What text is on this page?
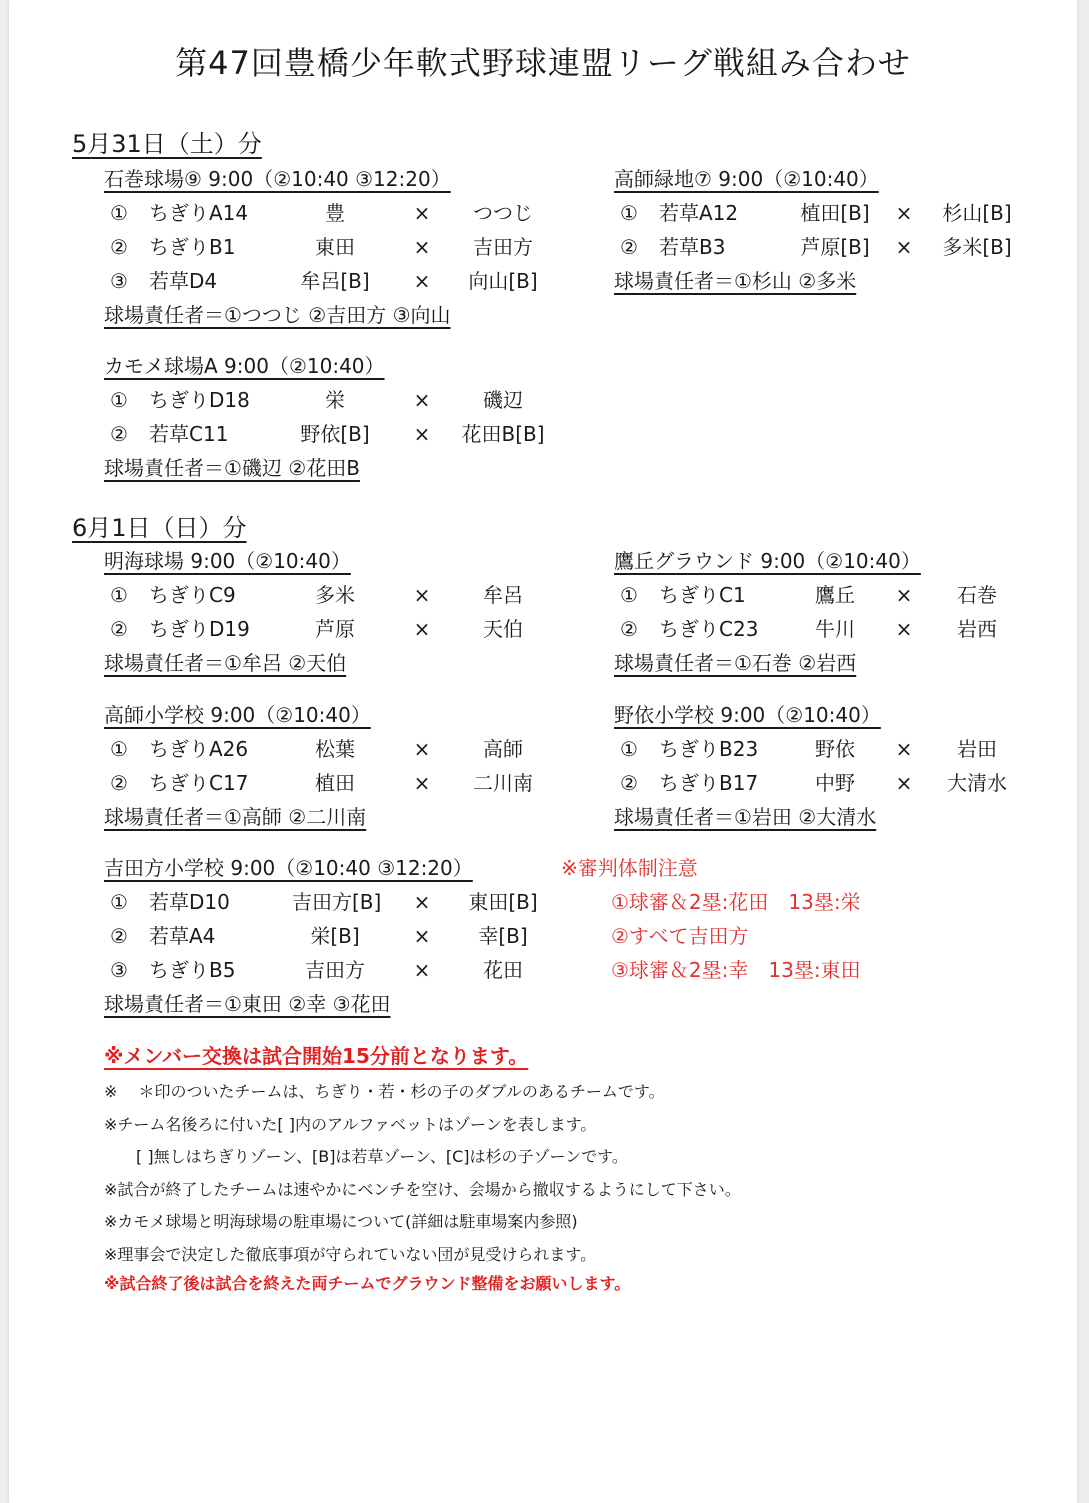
第47回豊橋少年軟式野球連盟リーグ戦組み合わせ
5月31日（土）分
石巻球場⑨ 9:00（②10:40 ③12:20）
① ちぎりA14	豊	×	つつじ
② ちぎりB1	東田	×	吉田方
③ 若草D4	牟呂[B]	×	向山[B]
球場責任者＝①つつじ ②吉田方 ③向山
高師緑地⑦ 9:00（②10:40）
① 若草A12	植田[B]	×	杉山[B]
② 若草B3	芦原[B]	×	多米[B]
球場責任者＝①杉山 ②多米
カモメ球場A 9:00（②10:40）
① ちぎりD18	栄	×	磯辺
② 若草C11	野依[B]	×	花田B[B]
球場責任者＝①磯辺 ②花田B
6月1日（日）分
明海球場 9:00（②10:40）
① ちぎりC9	多米	×	牟呂
② ちぎりD19	芦原	×	天伯
球場責任者＝①牟呂 ②天伯
鷹丘グラウンド 9:00（②10:40）
① ちぎりC1	鷹丘	×	石巻
② ちぎりC23	牛川	×	岩西
球場責任者＝①石巻 ②岩西
高師小学校 9:00（②10:40）
① ちぎりA26	松葉	×	高師
② ちぎりC17	植田	×	二川南
球場責任者＝①高師 ②二川南
野依小学校 9:00（②10:40）
① ちぎりB23	野依	×	岩田
② ちぎりB17	中野	×	大清水
球場責任者＝①岩田 ②大清水
吉田方小学校 9:00（②10:40 ③12:20）
① 若草D10	吉田方[B]	×	東田[B]
② 若草A4	栄[B]	×	幸[B]
③ ちぎりB5	吉田方	×	花田
球場責任者＝①東田 ②幸 ③花田
※審判体制注意
①球審＆2塁:花田　13塁:栄
②すべて吉田方
③球審＆2塁:幸　13塁:東田
※メンバー交換は試合開始15分前となります。
※　 ＊印のついたチームは、ちぎり・若・杉の子のダブルのあるチームです。
※チーム名後ろに付いた[ ]内のアルファベットはゾーンを表します。
　　[ ]無しはちぎりゾーン、[B]は若草ゾーン、[C]は杉の子ゾーンです。
※試合が終了したチームは速やかにベンチを空け、会場から撤収するようにして下さい。
※カモメ球場と明海球場の駐車場について(詳細は駐車場案内参照)
※理事会で決定した徹底事項が守られていない団が見受けられます。
※試合終了後は試合を終えた両チームでグラウンド整備をお願いします。
